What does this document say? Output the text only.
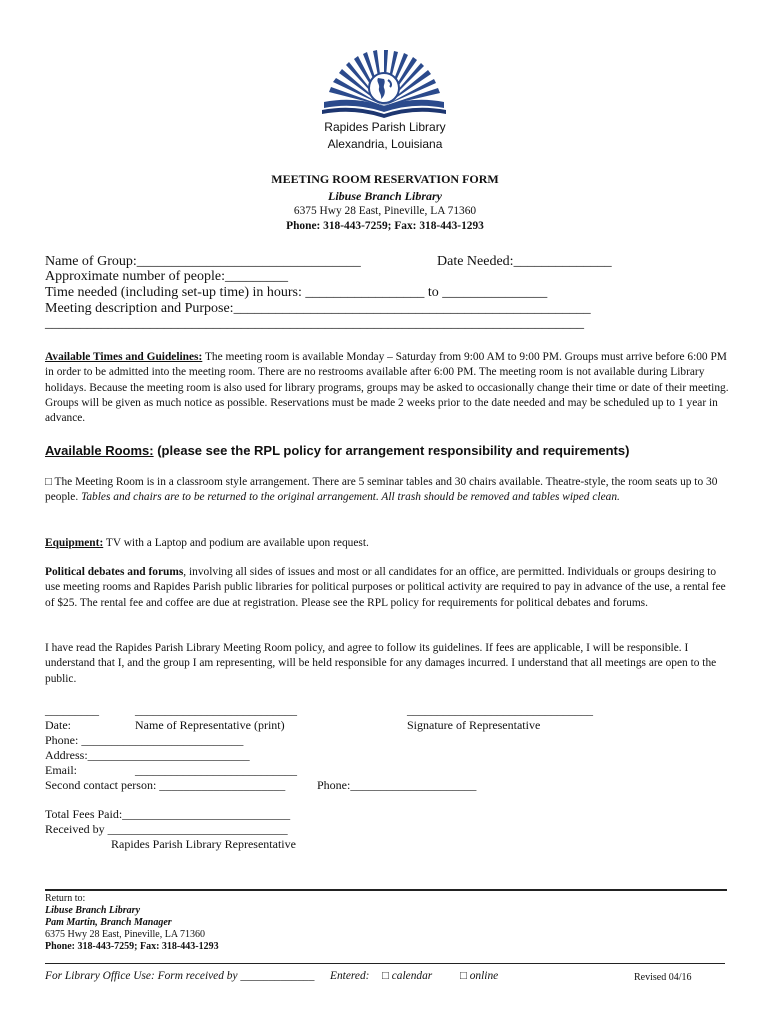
Rapides Parish Library
Alexandria, Louisiana
MEETING ROOM RESERVATION FORM
Libuse Branch Library
6375 Hwy 28 East, Pineville, LA 71360
Phone: 318-443-7259; Fax: 318-443-1293
Name of Group:________________________________	Date Needed:______________
Approximate number of people:_________
Time needed (including set-up time) in hours: _________________ to _______________
Meeting description and Purpose:___________________________________________________
_____________________________________________________________________________
Available Times and Guidelines: The meeting room is available Monday – Saturday from 9:00 AM to 9:00 PM. Groups must arrive before 6:00 PM in order to be admitted into the meeting room. There are no restrooms available after 6:00 PM. The meeting room is not available during Library holidays. Because the meeting room is also used for library programs, groups may be asked to occasionally change their time or date of their meeting. Groups will be given as much notice as possible. Reservations must be made 2 weeks prior to the date needed and may be scheduled up to 1 year in advance.
Available Rooms: (please see the RPL policy for arrangement responsibility and requirements)
□ The Meeting Room is in a classroom style arrangement. There are 5 seminar tables and 30 chairs available. Theatre-style, the room seats up to 30 people. Tables and chairs are to be returned to the original arrangement. All trash should be removed and tables wiped clean.
Equipment: TV with a Laptop and podium are available upon request.
Political debates and forums, involving all sides of issues and most or all candidates for an office, are permitted. Individuals or groups desiring to use meeting rooms and Rapides Parish public libraries for political purposes or political activity are required to pay in advance of the use, a rental fee of $25. The rental fee and coffee are due at registration. Please see the RPL policy for requirements for political debates and forums.
I have read the Rapides Parish Library Meeting Room policy, and agree to follow its guidelines. If fees are applicable, I will be responsible. I understand that I, and the group I am representing, will be held responsible for any damages incurred. I understand that all meetings are open to the public.
_________	___________________________	_______________________________
Date:	Name of Representative (print)	Signature of Representative
Phone: ___________________________
Address:___________________________
Email:	___________________________
Second contact person: _____________________	Phone:_____________________
Total Fees Paid:____________________________
Received by ______________________________
Rapides Parish Library Representative
Return to:
Libuse Branch Library
Pam Martin, Branch Manager
6375 Hwy 28 East, Pineville, LA 71360
Phone: 318-443-7259; Fax: 318-443-1293
For Library Office Use: Form received by _____________ Entered: □ calendar □ online	Revised 04/16
